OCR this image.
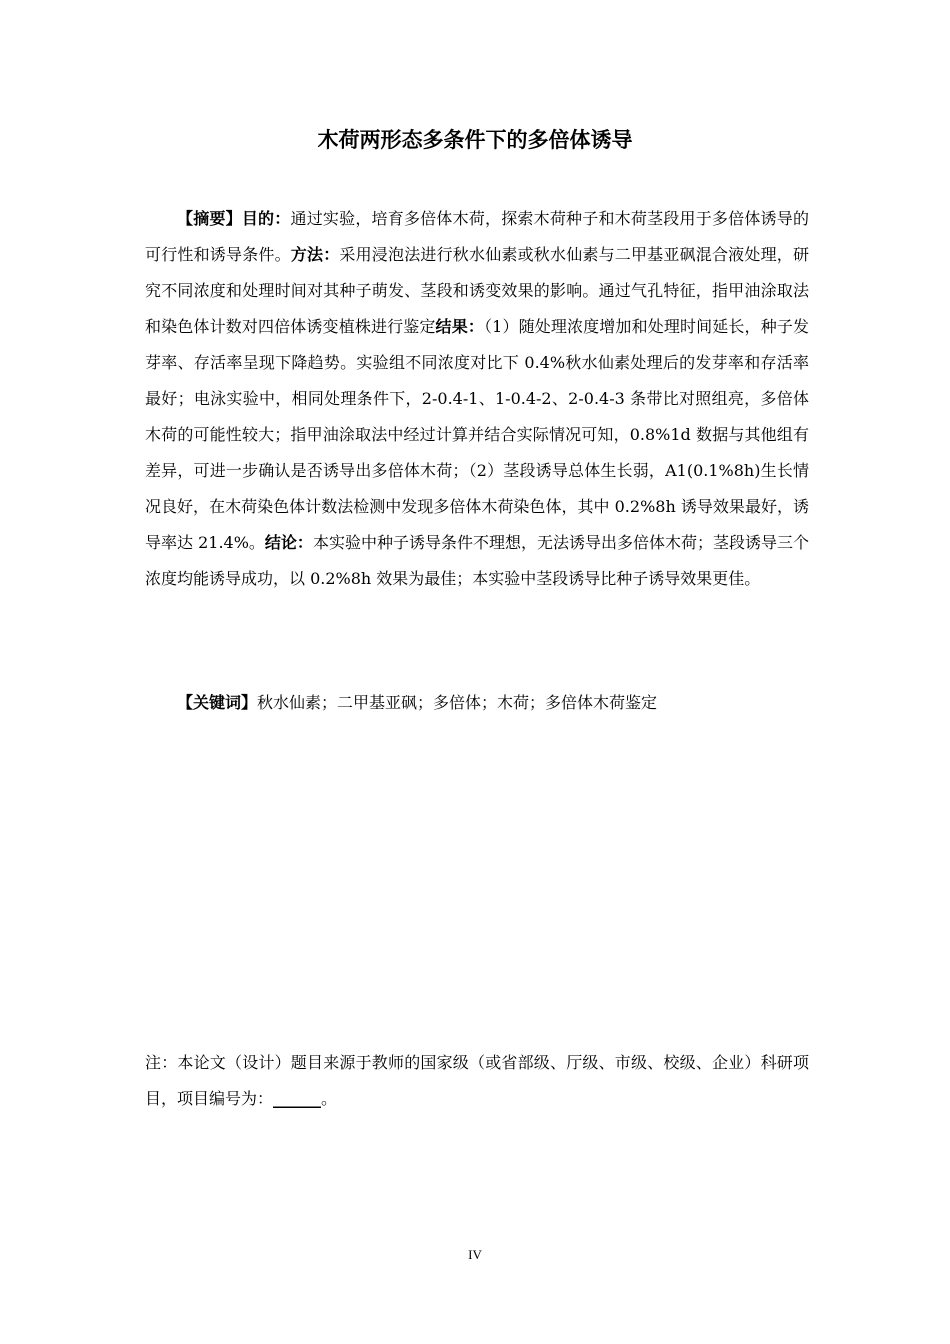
木荷两形态多条件下的多倍体诱导

【摘要】目的：通过实验，培育多倍体木荷，探索木荷种子和木荷茎段用于多倍体诱导的可行性和诱导条件。方法：采用浸泡法进行秋水仙素或秋水仙素与二甲基亚砜混合液处理，研究不同浓度和处理时间对其种子萌发、茎段和诱变效果的影响。通过气孔特征，指甲油涂取法和染色体计数对四倍体诱变植株进行鉴定结果：（1）随处理浓度增加和处理时间延长，种子发芽率、存活率呈现下降趋势。实验组不同浓度对比下 0.4%秋水仙素处理后的发芽率和存活率最好；电泳实验中，相同处理条件下，2-0.4-1、1-0.4-2、2-0.4-3 条带比对照组亮，多倍体木荷的可能性较大；指甲油涂取法中经过计算并结合实际情况可知，0.8%1d 数据与其他组有差异，可进一步确认是否诱导出多倍体木荷；（2）茎段诱导总体生长弱，A1(0.1%8h)生长情况良好，在木荷染色体计数法检测中发现多倍体木荷染色体，其中 0.2%8h 诱导效果最好，诱导率达 21.4%。结论：本实验中种子诱导条件不理想，无法诱导出多倍体木荷；茎段诱导三个浓度均能诱导成功，以 0.2%8h 效果为最佳；本实验中茎段诱导比种子诱导效果更佳。

【关键词】秋水仙素；二甲基亚砜；多倍体；木荷；多倍体木荷鉴定

注：本论文（设计）题目来源于教师的国家级（或省部级、厅级、市级、校级、企业）科研项目，项目编号为：______。

IV
